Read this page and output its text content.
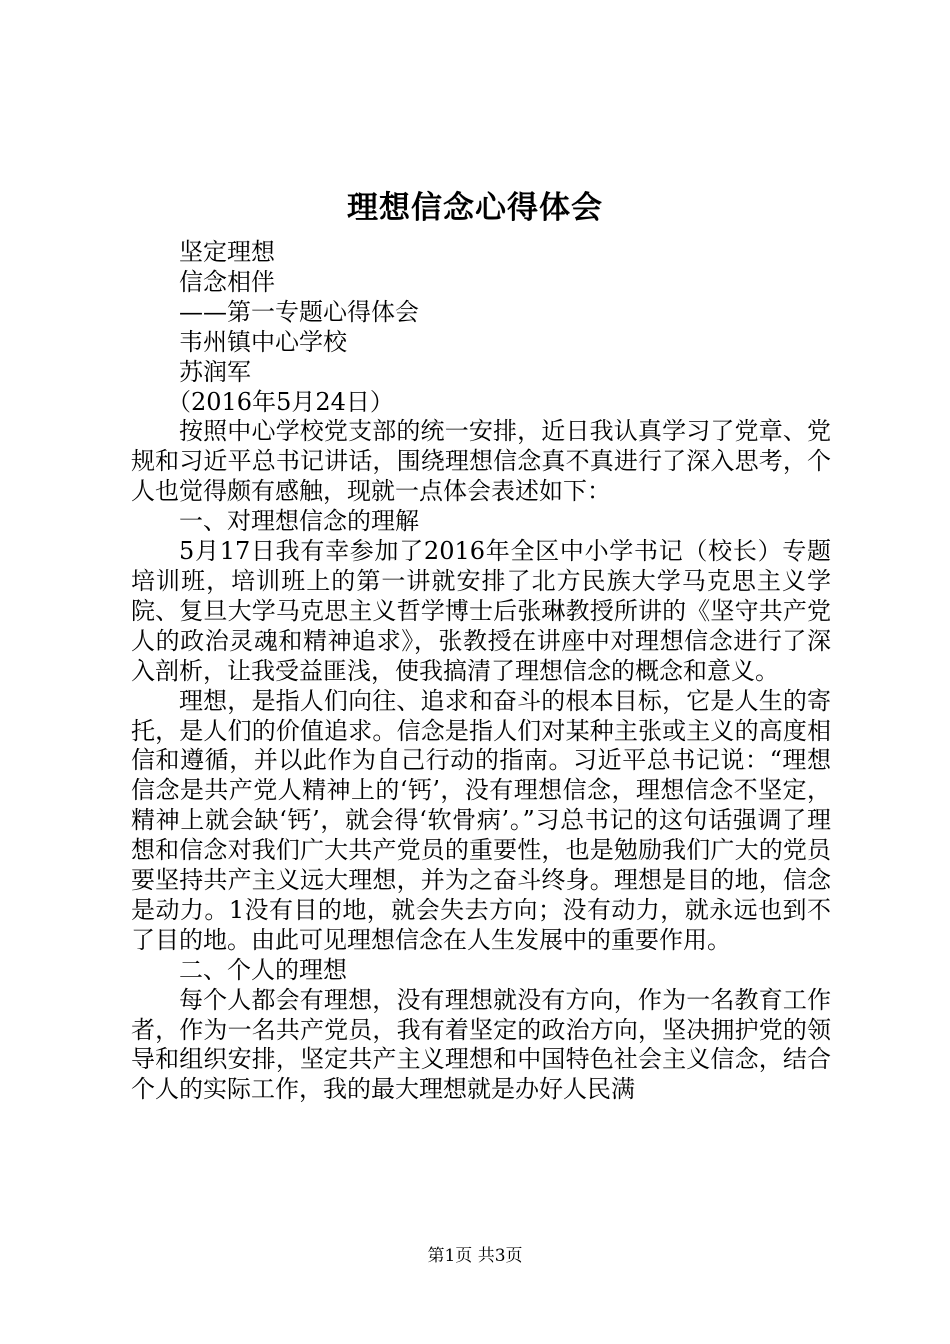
理想信念心得体会

坚定理想

信念相伴

——第一专题心得体会

韦州镇中心学校

苏润军

（2016年5月24日）

按照中心学校党支部的统一安排，近日我认真学习了党章、党规和习近平总书记讲话，围绕理想信念真不真进行了深入思考，个人也觉得颇有感触，现就一点体会表述如下：

一、对理想信念的理解

5月17日我有幸参加了2016年全区中小学书记（校长）专题培训班，培训班上的第一讲就安排了北方民族大学马克思主义学院、复旦大学马克思主义哲学博士后张琳教授所讲的《坚守共产党人的政治灵魂和精神追求》，张教授在讲座中对理想信念进行了深入剖析，让我受益匪浅，使我搞清了理想信念的概念和意义。

理想，是指人们向往、追求和奋斗的根本目标，它是人生的寄托，是人们的价值追求。信念是指人们对某种主张或主义的高度相信和遵循，并以此作为自己行动的指南。习近平总书记说：“理想信念是共产党人精神上的‘钙’，没有理想信念，理想信念不坚定，精神上就会缺‘钙’，就会得‘软骨病’。”习总书记的这句话强调了理想和信念对我们广大共产党员的重要性，也是勉励我们广大的党员要坚持共产主义远大理想，并为之奋斗终身。理想是目的地，信念是动力。1没有目的地，就会失去方向；没有动力，就永远也到不了目的地。由此可见理想信念在人生发展中的重要作用。

二、个人的理想

每个人都会有理想，没有理想就没有方向，作为一名教育工作者，作为一名共产党员，我有着坚定的政治方向，坚决拥护党的领导和组织安排，坚定共产主义理想和中国特色社会主义信念，结合个人的实际工作，我的最大理想就是办好人民满

第1页 共3页
